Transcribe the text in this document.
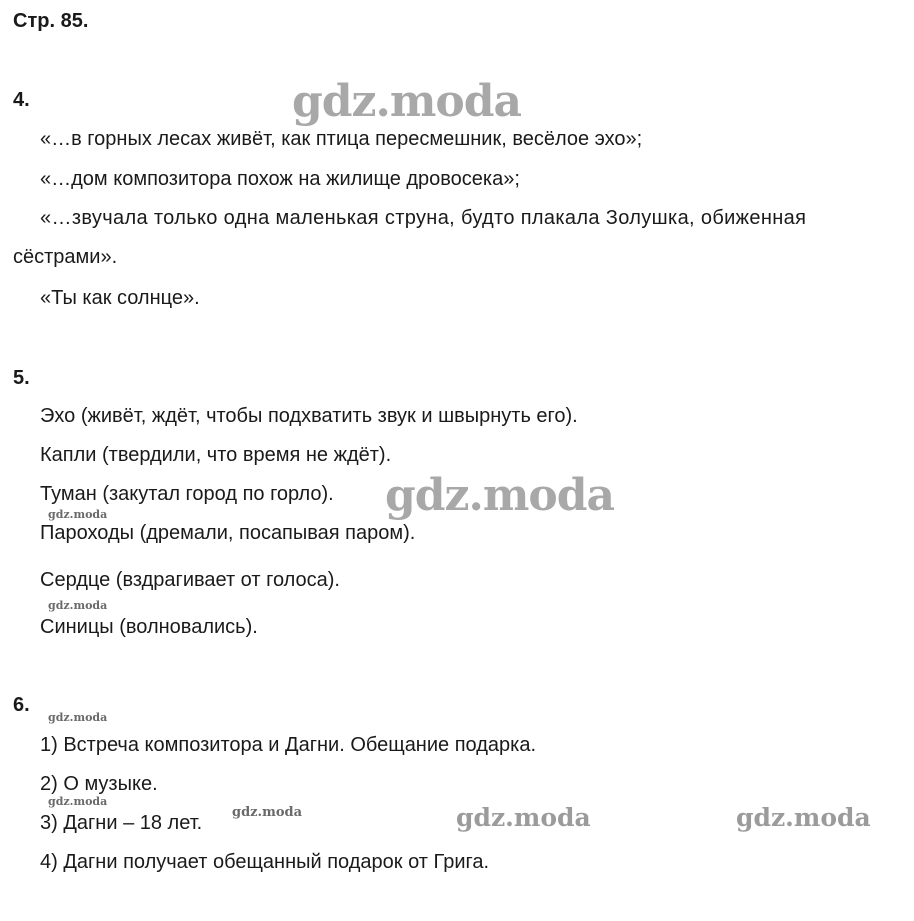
Стр. 85.
4.	gdz.moda
«…в горных лесах живёт, как птица пересмешник, весёлое эхо»;
«…дом композитора похож на жилище дровосека»;
«…звучала только одна маленькая струна, будто плакала Золушка, обиженная
сёстрами».
«Ты как солнце».
5.
Эхо (живёт, ждёт, чтобы подхватить звук и швырнуть его).
Капли (твердили, что время не ждёт).
Туман (закутал город по горло). gdz.moda
gdz.moda
Пароходы (дремали, посапывая паром).
Сердце (вздрагивает от голоса).
gdz.moda
Синицы (волновались).
6.
gdz.moda
1) Встреча композитора и Дагни. Обещание подарка.
2) О музыке.
gdz.moda
3) Дагни – 18 лет. gdz.moda	gdz.moda	gdz.moda
4) Дагни получает обещанный подарок от Грига.
